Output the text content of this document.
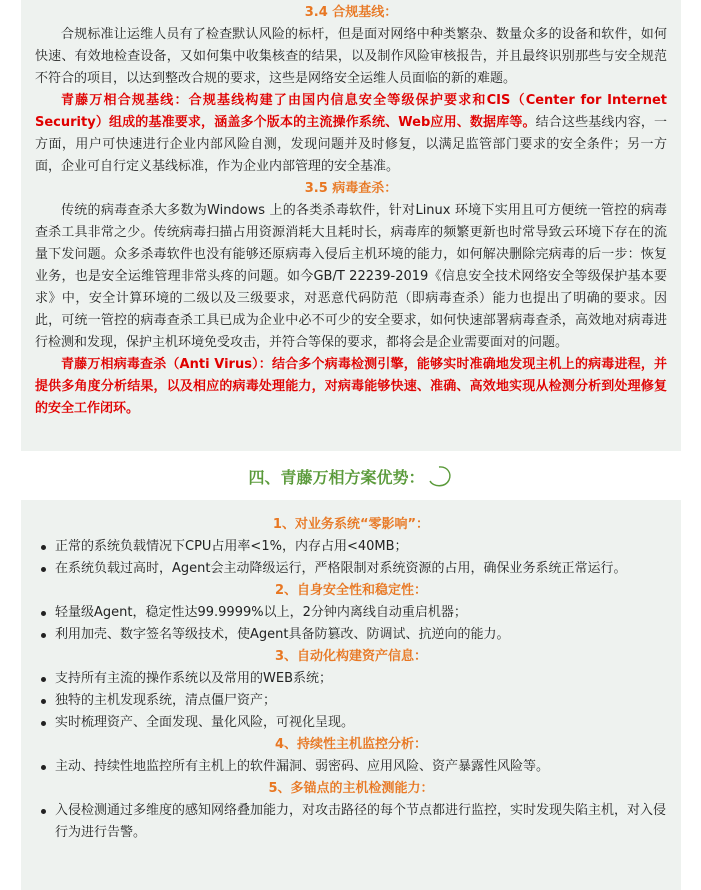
3.4 合规基线：

合规标准让运维人员有了检查默认风险的标杆，但是面对网络中种类繁杂、数量众多的设备和软件，如何快速、有效地检查设备，又如何集中收集核查的结果，以及制作风险审核报告，并且最终识别那些与安全规范不符合的项目，以达到整改合规的要求，这些是网络安全运维人员面临的新的难题。

青藤万相合规基线：合规基线构建了由国内信息安全等级保护要求和CIS（Center for Internet Security）组成的基准要求，涵盖多个版本的主流操作系统、Web应用、数据库等。结合这些基线内容，一方面，用户可快速进行企业内部风险自测，发现问题并及时修复，以满足监管部门要求的安全条件；另一方面，企业可自行定义基线标准，作为企业内部管理的安全基准。

3.5 病毒查杀：

传统的病毒查杀大多数为Windows 上的各类杀毒软件，针对Linux 环境下实用且可方便统一管控的病毒查杀工具非常之少。传统病毒扫描占用资源消耗大且耗时长，病毒库的频繁更新也时常导致云环境下存在的流量下发问题。众多杀毒软件也没有能够还原病毒入侵后主机环境的能力，如何解决删除完病毒的后一步：恢复业务，也是安全运维管理非常头疼的问题。如今GB/T 22239-2019《信息安全技术网络安全等级保护基本要求》中，安全计算环境的二级以及三级要求，对恶意代码防范（即病毒查杀）能力也提出了明确的要求。因此，可统一管控的病毒查杀工具已成为企业中必不可少的安全要求，如何快速部署病毒查杀，高效地对病毒进行检测和发现，保护主机环境免受攻击，并符合等保的要求，都将会是企业需要面对的问题。

青藤万相病毒查杀（Anti Virus）：结合多个病毒检测引擎，能够实时准确地发现主机上的病毒进程，并提供多角度分析结果，以及相应的病毒处理能力，对病毒能够快速、准确、高效地实现从检测分析到处理修复的安全工作闭环。

四、青藤万相方案优势：
1、对业务系统“零影响”：
正常的系统负载情况下CPU占用率<1%，内存占用<40MB；
在系统负载过高时，Agent会主动降级运行，严格限制对系统资源的占用，确保业务系统正常运行。
2、自身安全性和稳定性：
轻量级Agent，稳定性达99.9999%以上，2分钟内离线自动重启机器；
利用加壳、数字签名等级技术，使Agent具备防篡改、防调试、抗逆向的能力。
3、自动化构建资产信息：
支持所有主流的操作系统以及常用的WEB系统；
独特的主机发现系统，清点僵尸资产；
实时梳理资产、全面发现、量化风险，可视化呈现。
4、持续性主机监控分析：
主动、持续性地监控所有主机上的软件漏洞、弱密码、应用风险、资产暴露性风险等。
5、多锚点的主机检测能力：
入侵检测通过多维度的感知网络叠加能力，对攻击路径的每个节点都进行监控，实时发现失陷主机，对入侵行为进行告警。
